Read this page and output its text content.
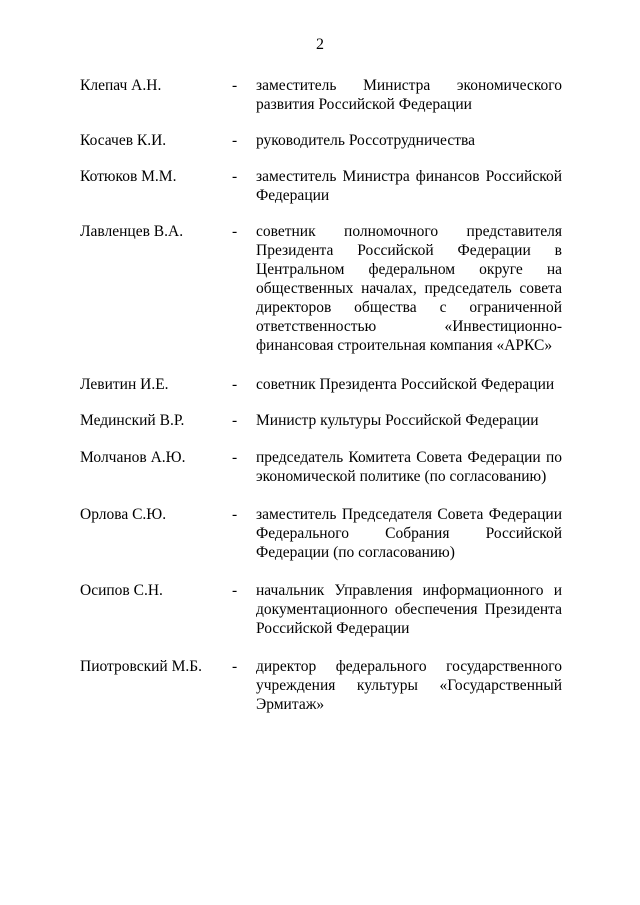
2
Клепач А.Н.	-	заместитель Министра экономического развития Российской Федерации
Косачев К.И.	-	руководитель Россотрудничества
Котюков М.М.	-	заместитель Министра финансов Российской Федерации
Лавленцев В.А.	-	советник полномочного представителя Президента Российской Федерации в Центральном федеральном округе на общественных началах, председатель совета директоров общества с ограниченной ответственностью «Инвестиционно-финансовая строительная компания «АРКС»
Левитин И.Е.	-	советник Президента Российской Федерации
Мединский В.Р.	-	Министр культуры Российской Федерации
Молчанов А.Ю.	-	председатель Комитета Совета Федерации по экономической политике (по согласованию)
Орлова С.Ю.	-	заместитель Председателя Совета Федерации Федерального Собрания Российской Федерации (по согласованию)
Осипов С.Н.	-	начальник Управления информационного и документационного обеспечения Президента Российской Федерации
Пиотровский М.Б.	-	директор федерального государственного учреждения культуры «Государственный Эрмитаж»
